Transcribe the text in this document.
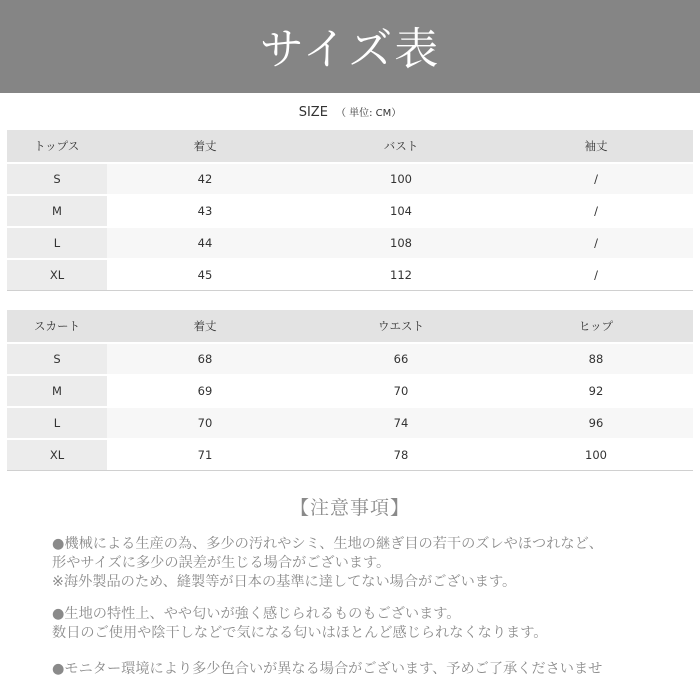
サイズ表
SIZE （ 単位: CM）
トップス	着丈	バスト	袖丈
S	42	100	/
M	43	104	/
L	44	108	/
XL	45	112	/
スカート	着丈	ウエスト	ヒップ
S	68	66	88
M	69	70	92
L	70	74	96
XL	71	78	100
【注意事項】
●機械による生産の為、多少の汚れやシミ、生地の継ぎ目の若干のズレやほつれなど、
形やサイズに多少の誤差が生じる場合がございます。
※海外製品のため、縫製等が日本の基準に達してない場合がございます。
●生地の特性上、やや匂いが強く感じられるものもございます。
数日のご使用や陰干しなどで気になる匂いはほとんど感じられなくなります。
●モニター環境により多少色合いが異なる場合がございます、予めご了承くださいませ
